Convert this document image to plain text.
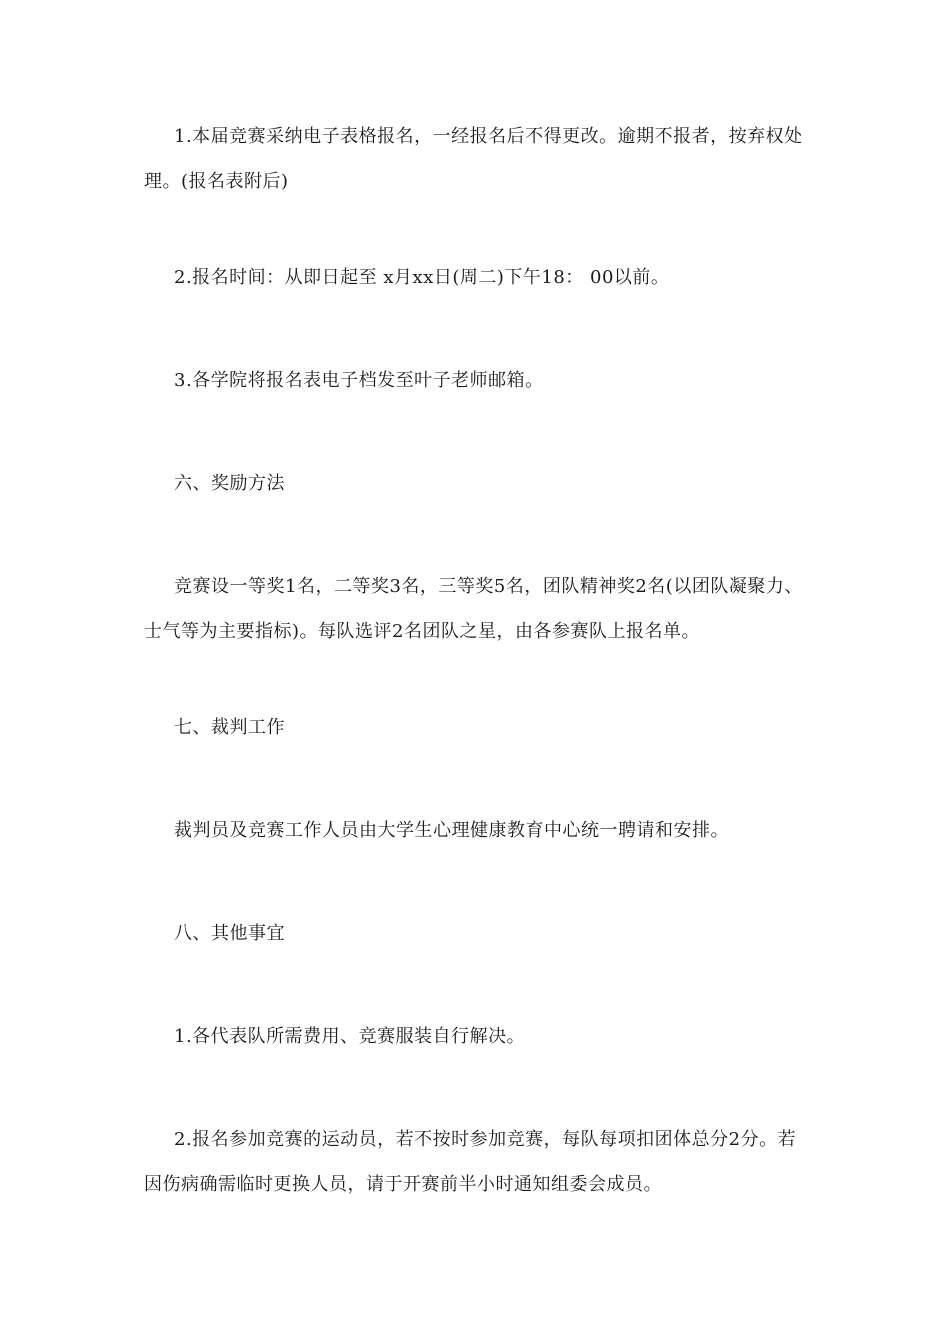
1.本届竞赛采纳电子表格报名，一经报名后不得更改。逾期不报者，按弃权处理。(报名表附后)

2.报名时间：从即日起至 x月xx日(周二)下午18： 00以前。

3.各学院将报名表电子档发至叶子老师邮箱。

六、奖励方法

竞赛设一等奖1名，二等奖3名，三等奖5名，团队精神奖2名(以团队凝聚力、士气等为主要指标)。每队选评2名团队之星，由各参赛队上报名单。

七、裁判工作

裁判员及竞赛工作人员由大学生心理健康教育中心统一聘请和安排。

八、其他事宜

1.各代表队所需费用、竞赛服装自行解决。

2.报名参加竞赛的运动员，若不按时参加竞赛，每队每项扣团体总分2分。若因伤病确需临时更换人员，请于开赛前半小时通知组委会成员。
